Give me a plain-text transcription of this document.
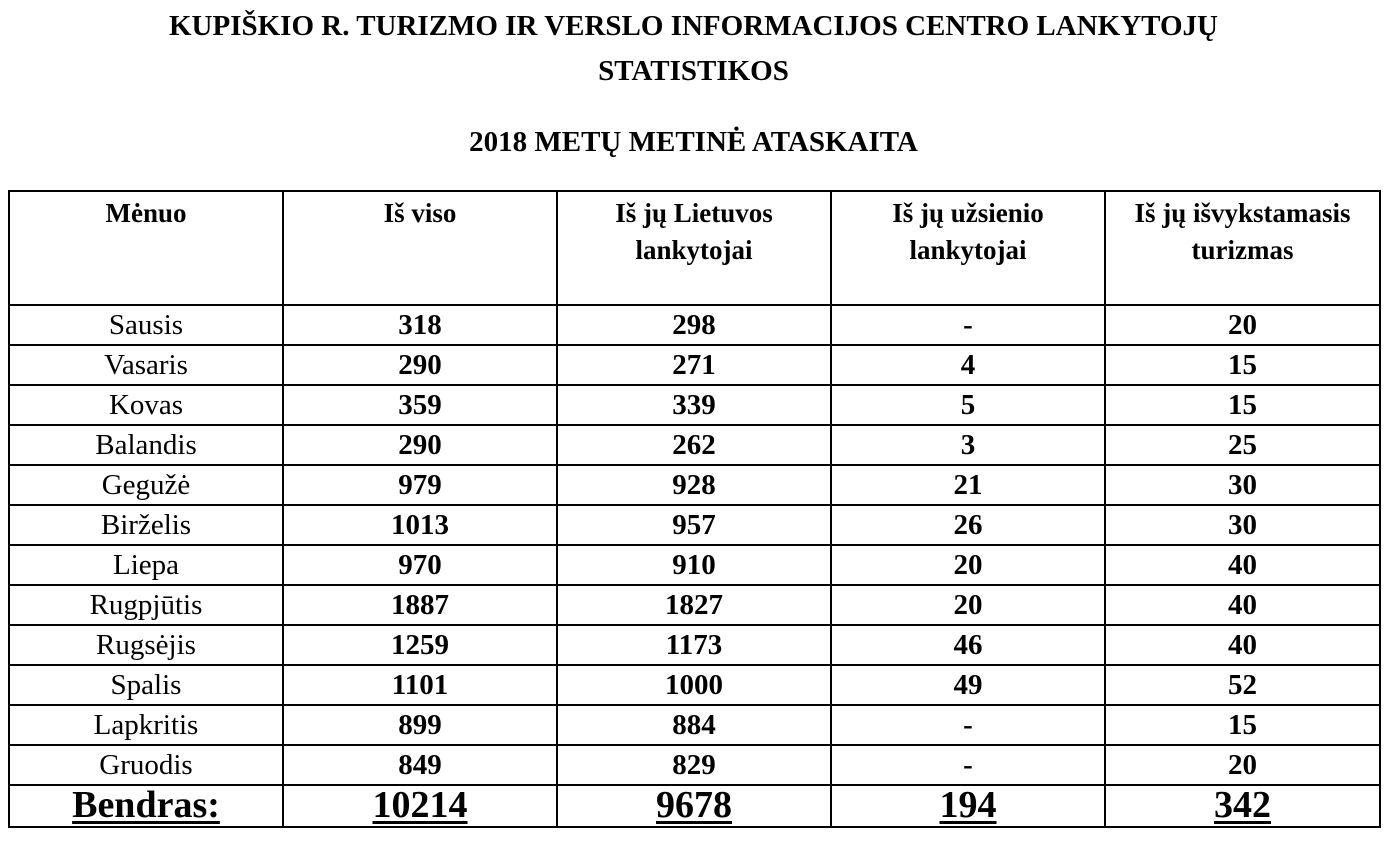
KUPIŠKIO R. TURIZMO IR VERSLO INFORMACIJOS CENTRO LANKYTOJŲ
STATISTIKOS
2018 METŲ METINĖ ATASKAITA
Mėnuo	Iš viso	Iš jų Lietuvos lankytojai	Iš jų užsienio lankytojai	Iš jų išvykstamasis turizmas
Sausis	318	298	-	20
Vasaris	290	271	4	15
Kovas	359	339	5	15
Balandis	290	262	3	25
Gegužė	979	928	21	30
Birželis	1013	957	26	30
Liepa	970	910	20	40
Rugpjūtis	1887	1827	20	40
Rugsėjis	1259	1173	46	40
Spalis	1101	1000	49	52
Lapkritis	899	884	-	15
Gruodis	849	829	-	20
Bendras:	10214	9678	194	342
